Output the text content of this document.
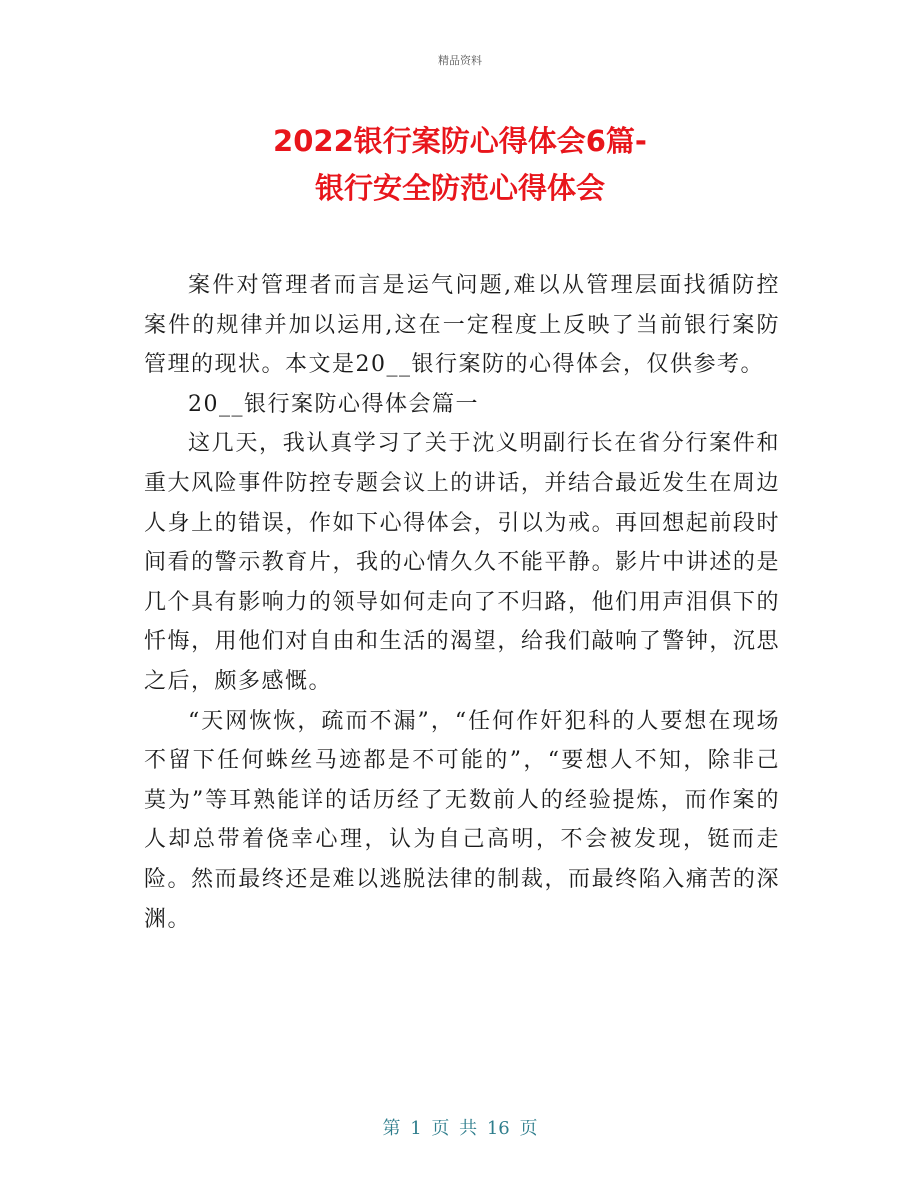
精品资料
2022银行案防心得体会6篇-
银行安全防范心得体会

案件对管理者而言是运气问题,难以从管理层面找循防控案件的规律并加以运用,这在一定程度上反映了当前银行案防管理的现状。本文是20__银行案防的心得体会，仅供参考。

20__银行案防心得体会篇一

这几天，我认真学习了关于沈义明副行长在省分行案件和重大风险事件防控专题会议上的讲话，并结合最近发生在周边人身上的错误，作如下心得体会，引以为戒。再回想起前段时间看的警示教育片，我的心情久久不能平静。影片中讲述的是几个具有影响力的领导如何走向了不归路，他们用声泪俱下的忏悔，用他们对自由和生活的渴望，给我们敲响了警钟，沉思之后，颇多感慨。

“天网恢恢，疏而不漏”，“任何作奸犯科的人要想在现场不留下任何蛛丝马迹都是不可能的”，“要想人不知，除非己莫为”等耳熟能详的话历经了无数前人的经验提炼，而作案的人却总带着侥幸心理，认为自己高明，不会被发现，铤而走险。然而最终还是难以逃脱法律的制裁，而最终陷入痛苦的深渊。

第 1 页 共 16 页
